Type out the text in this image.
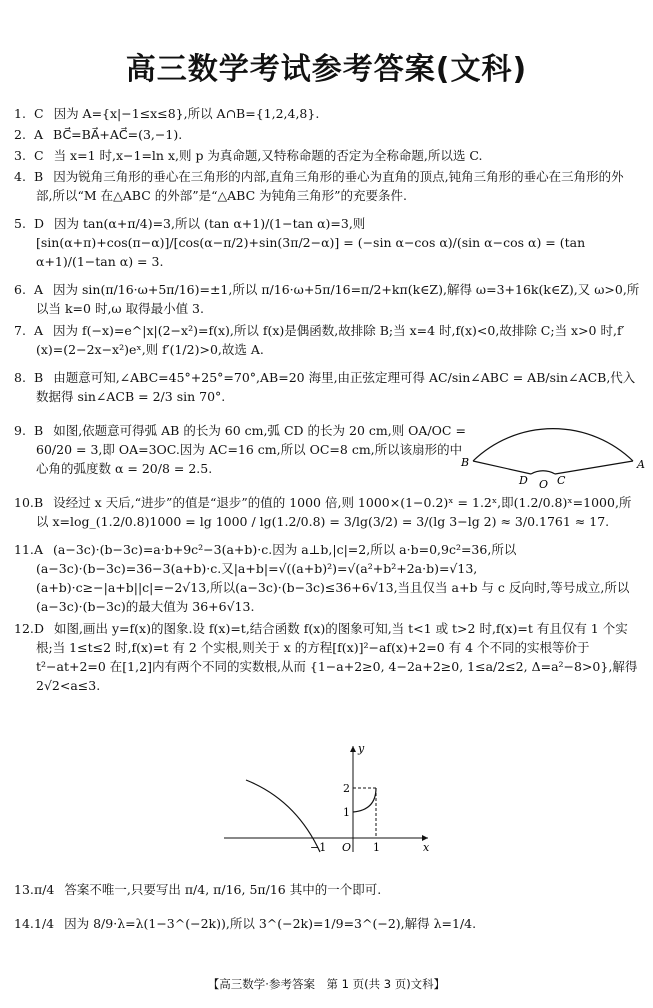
高三数学考试参考答案(文科)
1. C 因为 A={x|−1≤x≤8},所以 A∩B={1,2,4,8}.
2. A BC⃗=BA⃗+AC⃗=(3,−1).
3. C 当 x=1 时,x−1=ln x,则 p 为真命题,又特称命题的否定为全称命题,所以选 C.
4. B 因为锐角三角形的垂心在三角形的内部,直角三角形的垂心为直角的顶点,钝角三角形的垂心在三角形的外部,所以“M 在△ABC 的外部”是“△ABC 为钝角三角形”的充要条件.
5. D 因为 tan(α+π/4)=3,所以 (tan α+1)/(1−tan α)=3,则 [sin(α+π)+cos(π−α)]/[cos(α−π/2)+sin(3π/2−α)] = (−sin α−cos α)/(sin α−cos α) = (tan α+1)/(1−tan α) = 3.
6. A 因为 sin(π/16·ω+5π/16)=±1,所以 π/16·ω+5π/16=π/2+kπ(k∈Z),解得 ω=3+16k(k∈Z),又 ω>0,所以当 k=0 时,ω 取得最小值 3.
7. A 因为 f(−x)=e^|x|(2−x²)=f(x),所以 f(x)是偶函数,故排除 B;当 x=4 时,f(x)<0,故排除 C;当 x>0 时,f′(x)=(2−2x−x²)eˣ,则 f′(1/2)>0,故选 A.
8. B 由题意可知,∠ABC=45°+25°=70°,AB=20 海里,由正弦定理可得 AC/sin∠ABC = AB/sin∠ACB,代入数据得 sin∠ACB = 2/3 sin 70°.
9. B 如图,依题意可得弧 AB 的长为 60 cm,弧 CD 的长为 20 cm,则 OA/OC = 60/20 = 3,即 OA=3OC.因为 AC=16 cm,所以 OC=8 cm,所以该扇形的中心角的弧度数 α = 20/8 = 2.5.
10.B 设经过 x 天后,“进步”的值是“退步”的值的 1000 倍,则 1000×(1−0.2)ˣ = 1.2ˣ,即(1.2/0.8)ˣ=1000,所以 x=log_(1.2/0.8)1000 = lg 1000 / lg(1.2/0.8) = 3/lg(3/2) = 3/(lg 3−lg 2) ≈ 3/0.1761 ≈ 17.
11.A (a−3c)·(b−3c)=a·b+9c²−3(a+b)·c.因为 a⊥b,|c|=2,所以 a·b=0,9c²=36,所以(a−3c)·(b−3c)=36−3(a+b)·c.又|a+b|=√((a+b)²)=√(a²+b²+2a·b)=√13,(a+b)·c≥−|a+b||c|=−2√13,所以(a−3c)·(b−3c)≤36+6√13,当且仅当 a+b 与 c 反向时,等号成立,所以(a−3c)·(b−3c)的最大值为 36+6√13.
12.D 如图,画出 y=f(x)的图象.设 f(x)=t,结合函数 f(x)的图象可知,当 t<1 或 t>2 时,f(x)=t 有且仅有 1 个实根;当 1≤t≤2 时,f(x)=t 有 2 个实根,则关于 x 的方程[f(x)]²−af(x)+2=0 有 4 个不同的实根等价于 t²−at+2=0 在[1,2]内有两个不同的实数根,从而 {1−a+2≥0, 4−2a+2≥0, 1≤a/2≤2, Δ=a²−8>0},解得 2√2<a≤3.
B	A
D	C
O
y
x
O
−1	1
1
2
13.π/4 答案不唯一,只要写出 π/4, π/16, 5π/16 其中的一个即可.
14.1/4 因为 8/9·λ=λ(1−3^(−2k)),所以 3^(−2k)=1/9=3^(−2),解得 λ=1/4.
【高三数学·参考答案　第 1 页(共 3 页)文科】
